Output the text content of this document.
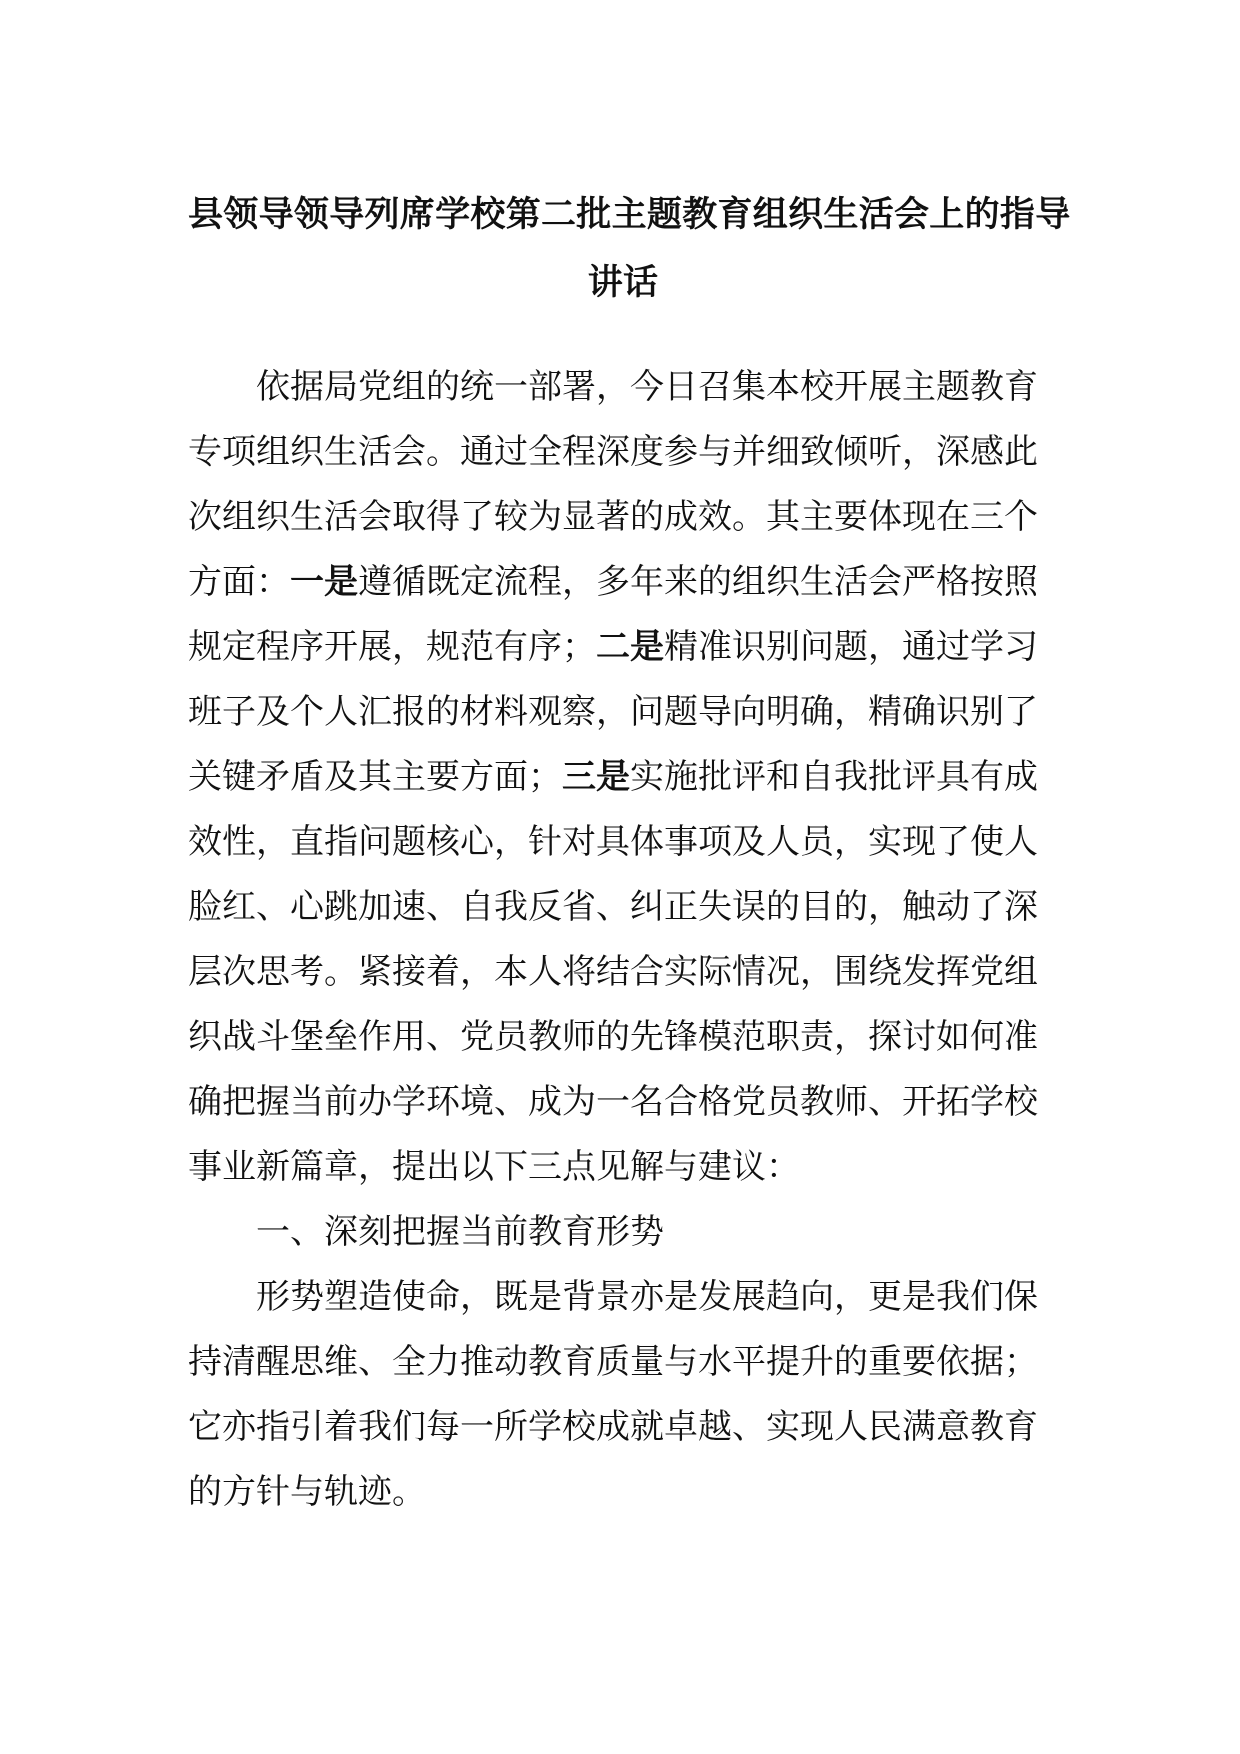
县领导领导列席学校第二批主题教育组织生活会上的指导
讲话
依据局党组的统一部署，今日召集本校开展主题教育
专项组织生活会。通过全程深度参与并细致倾听，深感此
次组织生活会取得了较为显著的成效。其主要体现在三个
方面：一是遵循既定流程，多年来的组织生活会严格按照
规定程序开展，规范有序；二是精准识别问题，通过学习
班子及个人汇报的材料观察，问题导向明确，精确识别了
关键矛盾及其主要方面；三是实施批评和自我批评具有成
效性，直指问题核心，针对具体事项及人员，实现了使人
脸红、心跳加速、自我反省、纠正失误的目的，触动了深
层次思考。紧接着，本人将结合实际情况，围绕发挥党组
织战斗堡垒作用、党员教师的先锋模范职责，探讨如何准
确把握当前办学环境、成为一名合格党员教师、开拓学校
事业新篇章，提出以下三点见解与建议：
一、深刻把握当前教育形势
形势塑造使命，既是背景亦是发展趋向，更是我们保
持清醒思维、全力推动教育质量与水平提升的重要依据；
它亦指引着我们每一所学校成就卓越、实现人民满意教育
的方针与轨迹。
